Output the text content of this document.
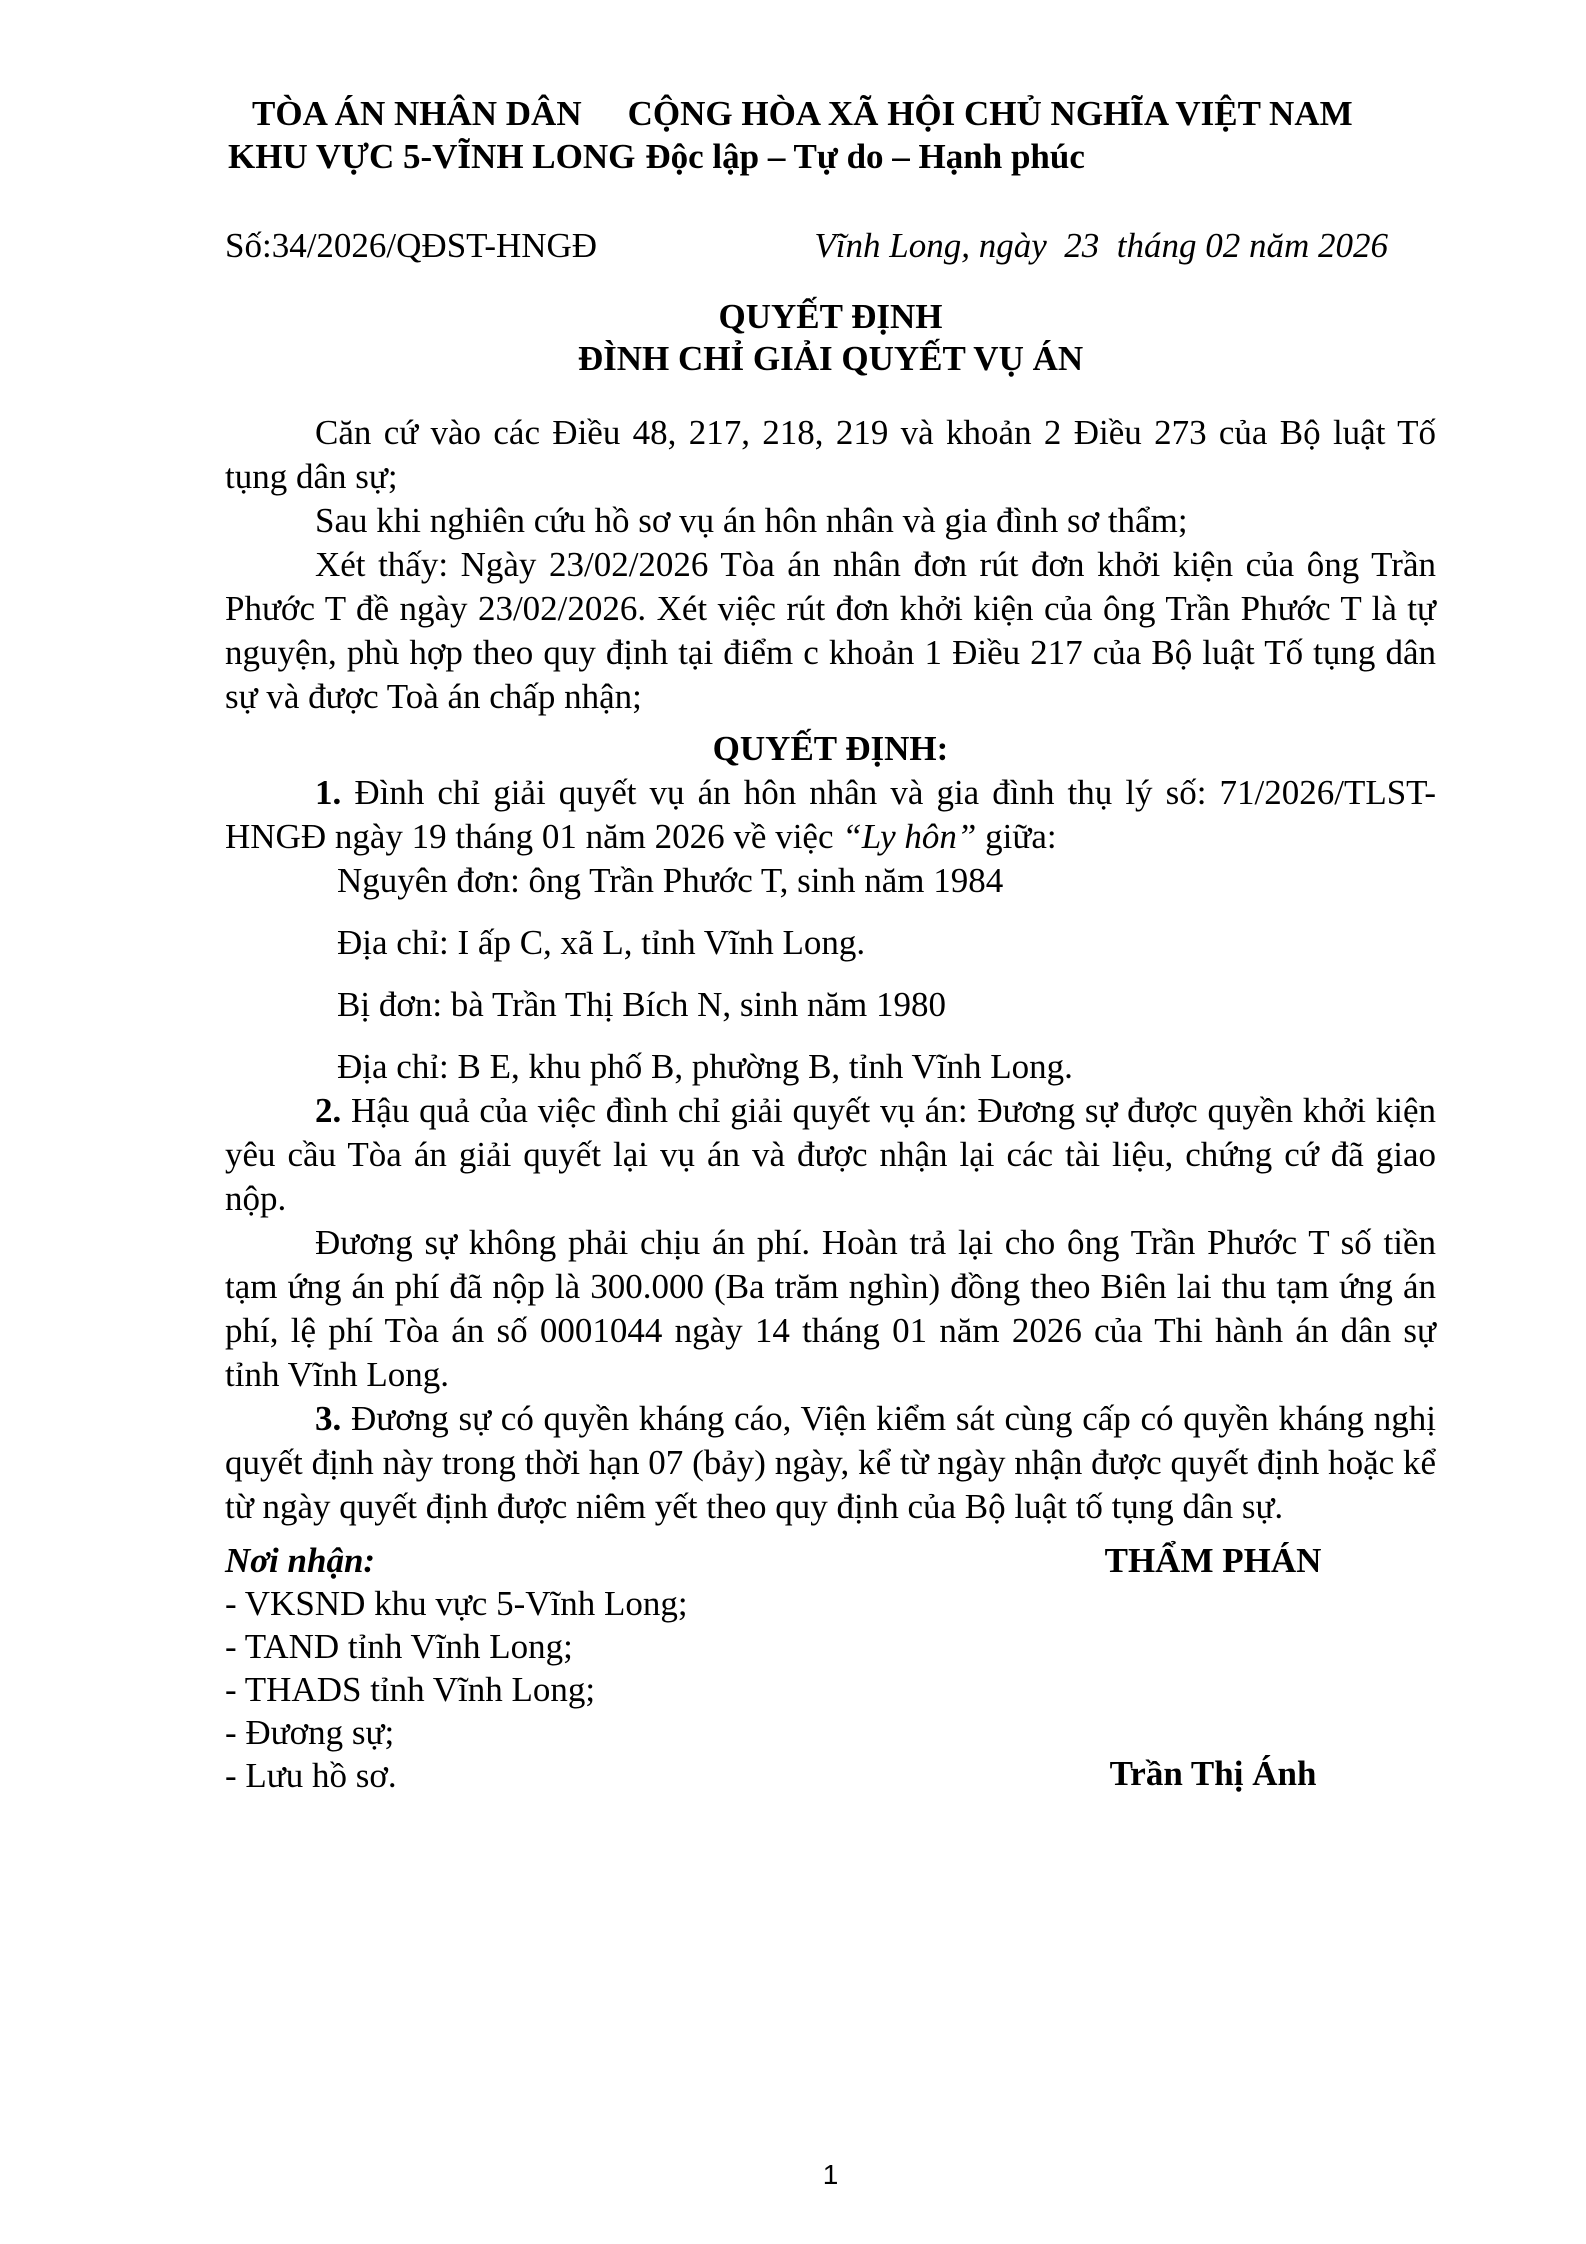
TÒA ÁN NHÂN DÂN CỘNG HÒA XÃ HỘI CHỦ NGHĨA VIỆT NAM
KHU VỰC 5-VĨNH LONG Độc lập – Tự do – Hạnh phúc
Số:34/2026/QĐST-HNGĐ	Vĩnh Long, ngày  23  tháng 02 năm 2026
QUYẾT ĐỊNH
ĐÌNH CHỈ GIẢI QUYẾT VỤ ÁN

Căn cứ vào các Điều 48, 217, 218, 219 và khoản 2 Điều 273 của Bộ luật Tố tụng dân sự;

Sau khi nghiên cứu hồ sơ vụ án hôn nhân và gia đình sơ thẩm;

Xét thấy: Ngày 23/02/2026 Tòa án nhân đơn rút đơn khởi kiện của ông Trần Phước T đề ngày 23/02/2026. Xét việc rút đơn khởi kiện của ông Trần Phước T là tự nguyện, phù hợp theo quy định tại điểm c khoản 1 Điều 217 của Bộ luật Tố tụng dân sự và được Toà án chấp nhận;

QUYẾT ĐỊNH:

1. Đình chỉ giải quyết vụ án hôn nhân và gia đình thụ lý số: 71/2026/TLST-HNGĐ ngày 19 tháng 01 năm 2026 về việc “Ly hôn” giữa:

Nguyên đơn: ông Trần Phước T, sinh năm 1984

Địa chỉ: I ấp C, xã L, tỉnh Vĩnh Long.

Bị đơn: bà Trần Thị Bích N, sinh năm 1980

Địa chỉ: B E, khu phố B, phường B, tỉnh Vĩnh Long.

2. Hậu quả của việc đình chỉ giải quyết vụ án: Đương sự được quyền khởi kiện yêu cầu Tòa án giải quyết lại vụ án và được nhận lại các tài liệu, chứng cứ đã giao nộp.

Đương sự không phải chịu án phí. Hoàn trả lại cho ông Trần Phước T số tiền tạm ứng án phí đã nộp là 300.000 (Ba trăm nghìn) đồng theo Biên lai thu tạm ứng án phí, lệ phí Tòa án số 0001044 ngày 14 tháng 01 năm 2026 của Thi hành án dân sự tỉnh Vĩnh Long.

3. Đương sự có quyền kháng cáo, Viện kiểm sát cùng cấp có quyền kháng nghị quyết định này trong thời hạn 07 (bảy) ngày, kể từ ngày nhận được quyết định hoặc kể từ ngày quyết định được niêm yết theo quy định của Bộ luật tố tụng dân sự.

Nơi nhận:
- VKSND khu vực 5-Vĩnh Long;
- TAND tỉnh Vĩnh Long;
- THADS tỉnh Vĩnh Long;
- Đương sự;
- Lưu hồ sơ.
THẨM PHÁN
Trần Thị Ánh
1
